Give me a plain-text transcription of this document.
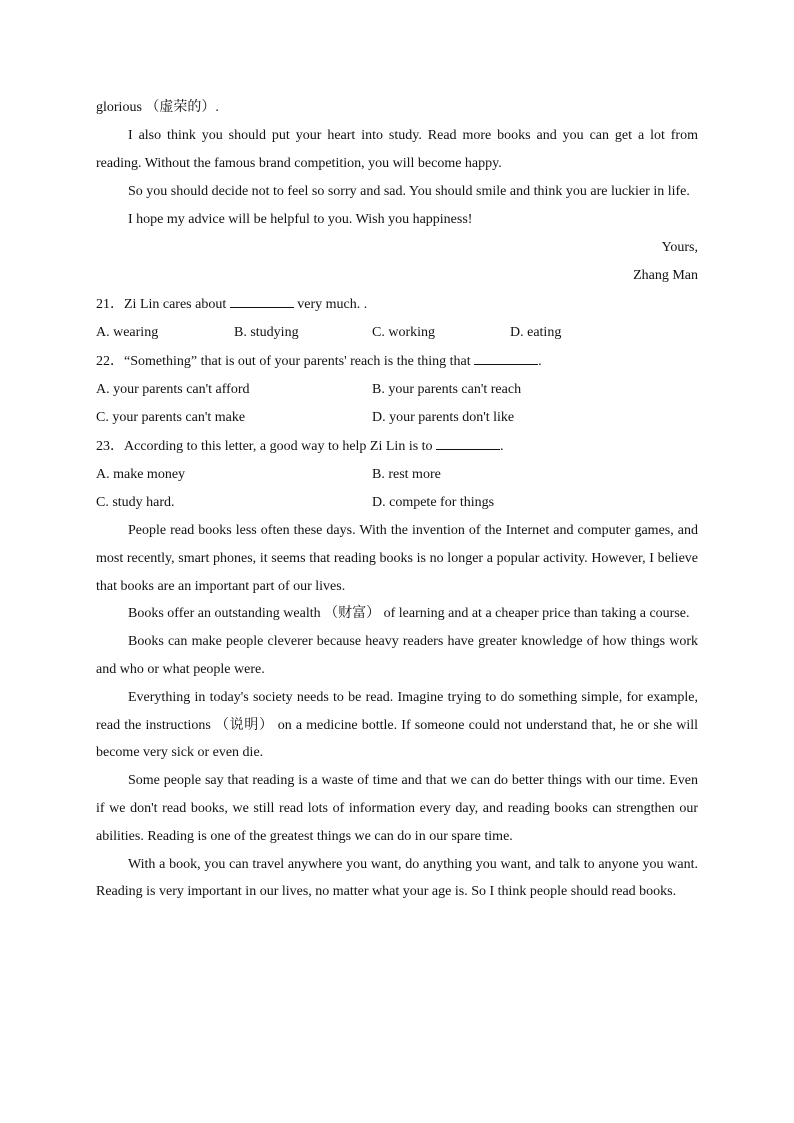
glorious （虚荣的）.

I also think you should put your heart into study. Read more books and you can get a lot from reading. Without the famous brand competition, you will become happy.

So you should decide not to feel so sorry and sad. You should smile and think you are luckier in life.

I hope my advice will be helpful to you. Wish you happiness!

Yours,

Zhang Man

21．Zi Lin cares about	very much. .

A. wearing	B. studying	C. working	D. eating

22．“Something” that is out of your parents' reach is the thing that	.

A. your parents can't afford	B. your parents can't reach
C. your parents can't make	D. your parents don't like

23．According to this letter, a good way to help Zi Lin is to	.

A. make money	B. rest more
C. study hard.	D. compete for things

People read books less often these days. With the invention of the Internet and computer games, and most recently, smart phones, it seems that reading books is no longer a popular activity. However, I believe that books are an important part of our lives.

Books offer an outstanding wealth （财富） of learning and at a cheaper price than taking a course.

Books can make people cleverer because heavy readers have greater knowledge of how things work and who or what people were.

Everything in today's society needs to be read. Imagine trying to do something simple, for example, read the instructions （说明） on a medicine bottle. If someone could not understand that, he or she will become very sick or even die.

Some people say that reading is a waste of time and that we can do better things with our time. Even if we don't read books, we still read lots of information every day, and reading books can strengthen our abilities. Reading is one of the greatest things we can do in our spare time.

With a book, you can travel anywhere you want, do anything you want, and talk to anyone you want. Reading is very important in our lives, no matter what your age is. So I think people should read books.
